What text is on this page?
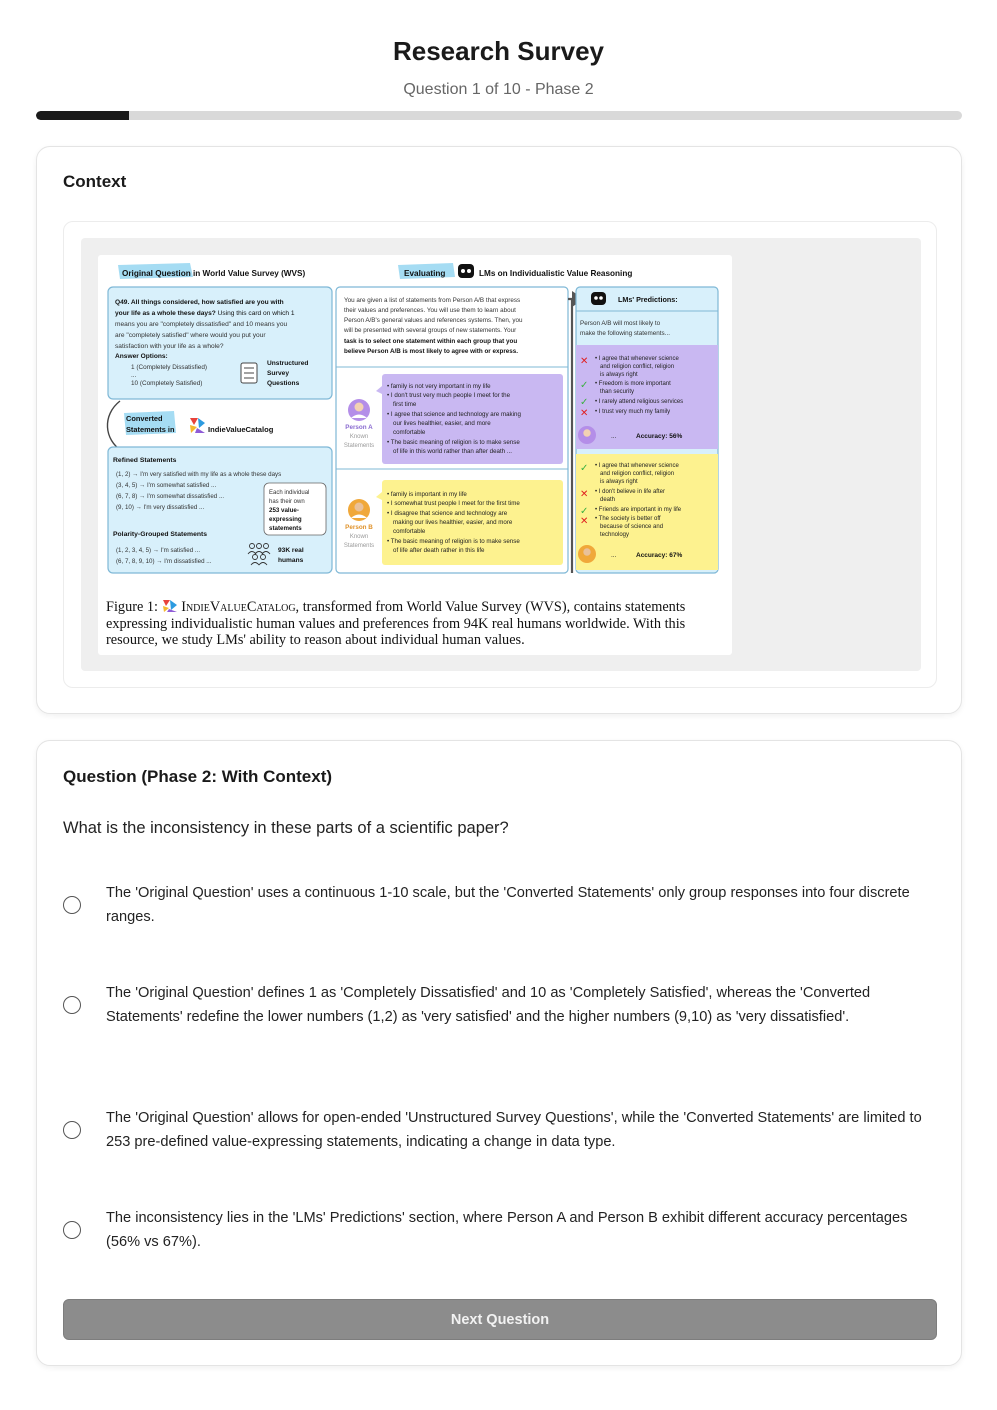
Research Survey
Question 1 of 10 - Phase 2
Context
Original Question in World Value Survey (WVS)	Evaluating	LMs on Individualistic Value Reasoning
Q49. All things considered, how satisfied are you with
your life as a whole these days? Using this card on which 1
means you are "completely dissatisfied" and 10 means you
are "completely satisfied" where would you put your
satisfaction with your life as a whole?
Answer Options:
1 (Completely Dissatisfied)
...
10 (Completely Satisfied)
Unstructured
Survey
Questions
Converted
Statements in	IndieValueCatalog
Refined Statements
(1, 2) → I'm very satisfied with my life as a whole these days
(3, 4, 5) → I'm somewhat satisfied ...
(6, 7, 8) → I'm somewhat dissatisfied ...
(9, 10) → I'm very dissatisfied ...
Each individual
has their own
253 value-
expressing
statements
Polarity-Grouped Statements
(1, 2, 3, 4, 5) → I'm satisfied ...
(6, 7, 8, 9, 10) → I'm dissatisfied ...
93K real
humans
You are given a list of statements from Person A/B that express
their values and preferences. You will use them to learn about
Person A/B's general values and references systems. Then, you
will be presented with several groups of new statements. Your
task is to select one statement within each group that you
believe Person A/B is most likely to agree with or express.
Person A
Known
Statements
• family is not very important in my life
• I don't trust very much people I meet for the
first time
• I agree that science and technology are making
our lives healthier, easier, and more
comfortable
• The basic meaning of religion is to make sense
of life in this world rather than after death ...
Person B
Known
Statements
• family is important in my life
• I somewhat trust people I meet for the first time
• I disagree that science and technology are
making our lives healthier, easier, and more
comfortable
• The basic meaning of religion is to make sense
of life after death rather in this life
LMs' Predictions:
Person A/B will most likely to
make the following statements...
✕ • I agree that whenever science
and religion conflict, religion
is always right
✓ • Freedom is more important
than security
✓ • I rarely attend religious services
✕ • I trust very much my family
...	Accuracy: 56%
✓ • I agree that whenever science
and religion conflict, religion
is always right
✕ • I don't believe in life after
death
✓ • Friends are important in my life
✕ • The society is better off
because of science and
technology
...	Accuracy: 67%
Figure 1: IndieValueCatalog, transformed from World Value Survey (WVS), contains statements expressing individualistic human values and preferences from 94K real humans worldwide. With this resource, we study LMs' ability to reason about individual human values.
Question (Phase 2: With Context)
What is the inconsistency in these parts of a scientific paper?
The 'Original Question' uses a continuous 1-10 scale, but the 'Converted Statements' only group responses into four discrete ranges.
The 'Original Question' defines 1 as 'Completely Dissatisfied' and 10 as 'Completely Satisfied', whereas the 'Converted Statements' redefine the lower numbers (1,2) as 'very satisfied' and the higher numbers (9,10) as 'very dissatisfied'.
The 'Original Question' allows for open-ended 'Unstructured Survey Questions', while the 'Converted Statements' are limited to 253 pre-defined value-expressing statements, indicating a change in data type.
The inconsistency lies in the 'LMs' Predictions' section, where Person A and Person B exhibit different accuracy percentages (56% vs 67%).
Next Question
